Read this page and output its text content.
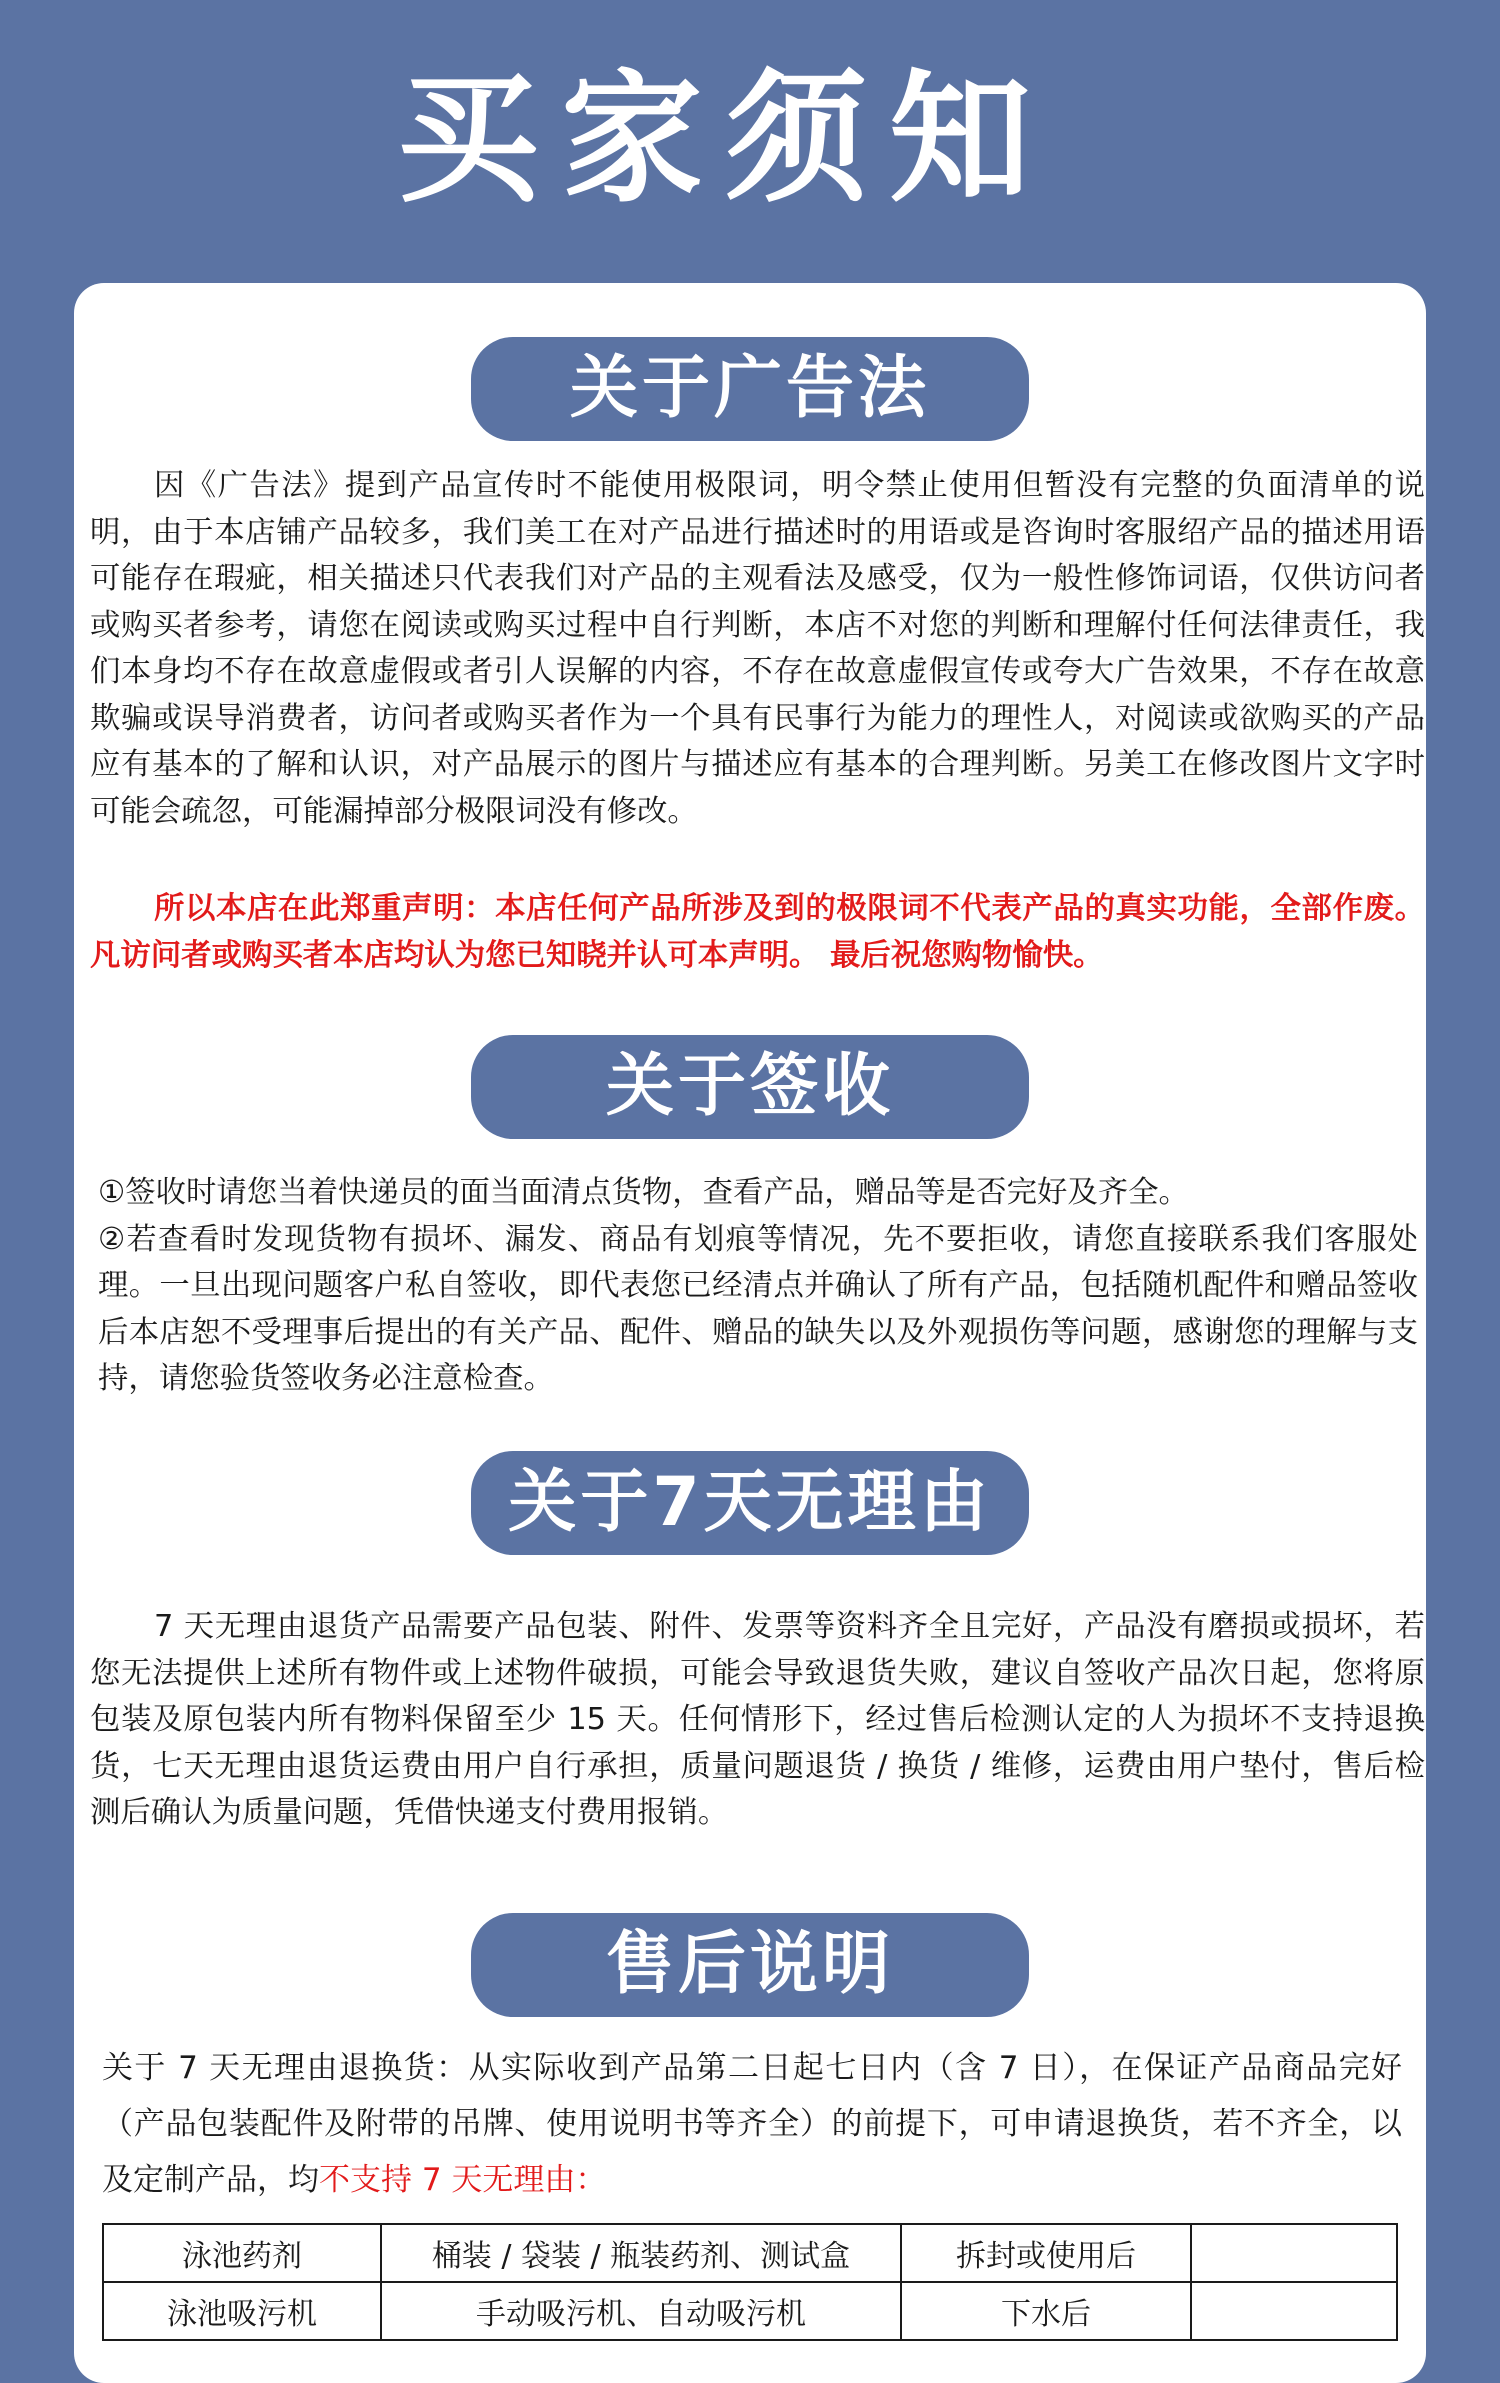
买家须知
关于广告法

因《广告法》提到产品宣传时不能使用极限词，明令禁止使用但暂没有完整的负面清单的说明，由于本店铺产品较多，我们美工在对产品进行描述时的用语或是咨询时客服绍产品的描述用语可能存在瑕疵，相关描述只代表我们对产品的主观看法及感受，仅为一般性修饰词语，仅供访问者或购买者参考，请您在阅读或购买过程中自行判断，本店不对您的判断和理解付任何法律责任，我们本身均不存在故意虚假或者引人误解的内容，不存在故意虚假宣传或夸大广告效果，不存在故意欺骗或误导消费者，访问者或购买者作为一个具有民事行为能力的理性人，对阅读或欲购买的产品应有基本的了解和认识，对产品展示的图片与描述应有基本的合理判断。另美工在修改图片文字时可能会疏忽，可能漏掉部分极限词没有修改。

所以本店在此郑重声明：本店任何产品所涉及到的极限词不代表产品的真实功能，全部作废。 凡访问者或购买者本店均认为您已知晓并认可本声明。 最后祝您购物愉快。

关于签收
①签收时请您当着快递员的面当面清点货物，查看产品，赠品等是否完好及齐全。
②若查看时发现货物有损坏、漏发、商品有划痕等情况，先不要拒收，请您直接联系我们客服处理。一旦出现问题客户私自签收，即代表您已经清点并确认了所有产品，包括随机配件和赠品签收后本店恕不受理事后提出的有关产品、配件、赠品的缺失以及外观损伤等问题，感谢您的理解与支持，请您验货签收务必注意检查。
关于7天无理由

7 天无理由退货产品需要产品包装、附件、发票等资料齐全且完好，产品没有磨损或损坏，若您无法提供上述所有物件或上述物件破损，可能会导致退货失败，建议自签收产品次日起，您将原包装及原包装内所有物料保留至少 15 天。任何情形下，经过售后检测认定的人为损坏不支持退换货，七天无理由退货运费由用户自行承担，质量问题退货 / 换货 / 维修，运费由用户垫付，售后检测后确认为质量问题，凭借快递支付费用报销。

售后说明

关于 7 天无理由退换货：从实际收到产品第二日起七日内（含 7 日），在保证产品商品完好（产品包装配件及附带的吊牌、使用说明书等齐全）的前提下，可申请退换货，若不齐全，以及定制产品，均不支持 7 天无理由：

泳池药剂	桶装 / 袋装 / 瓶装药剂、测试盒	拆封或使用后	
泳池吸污机	手动吸污机、自动吸污机	下水后	
